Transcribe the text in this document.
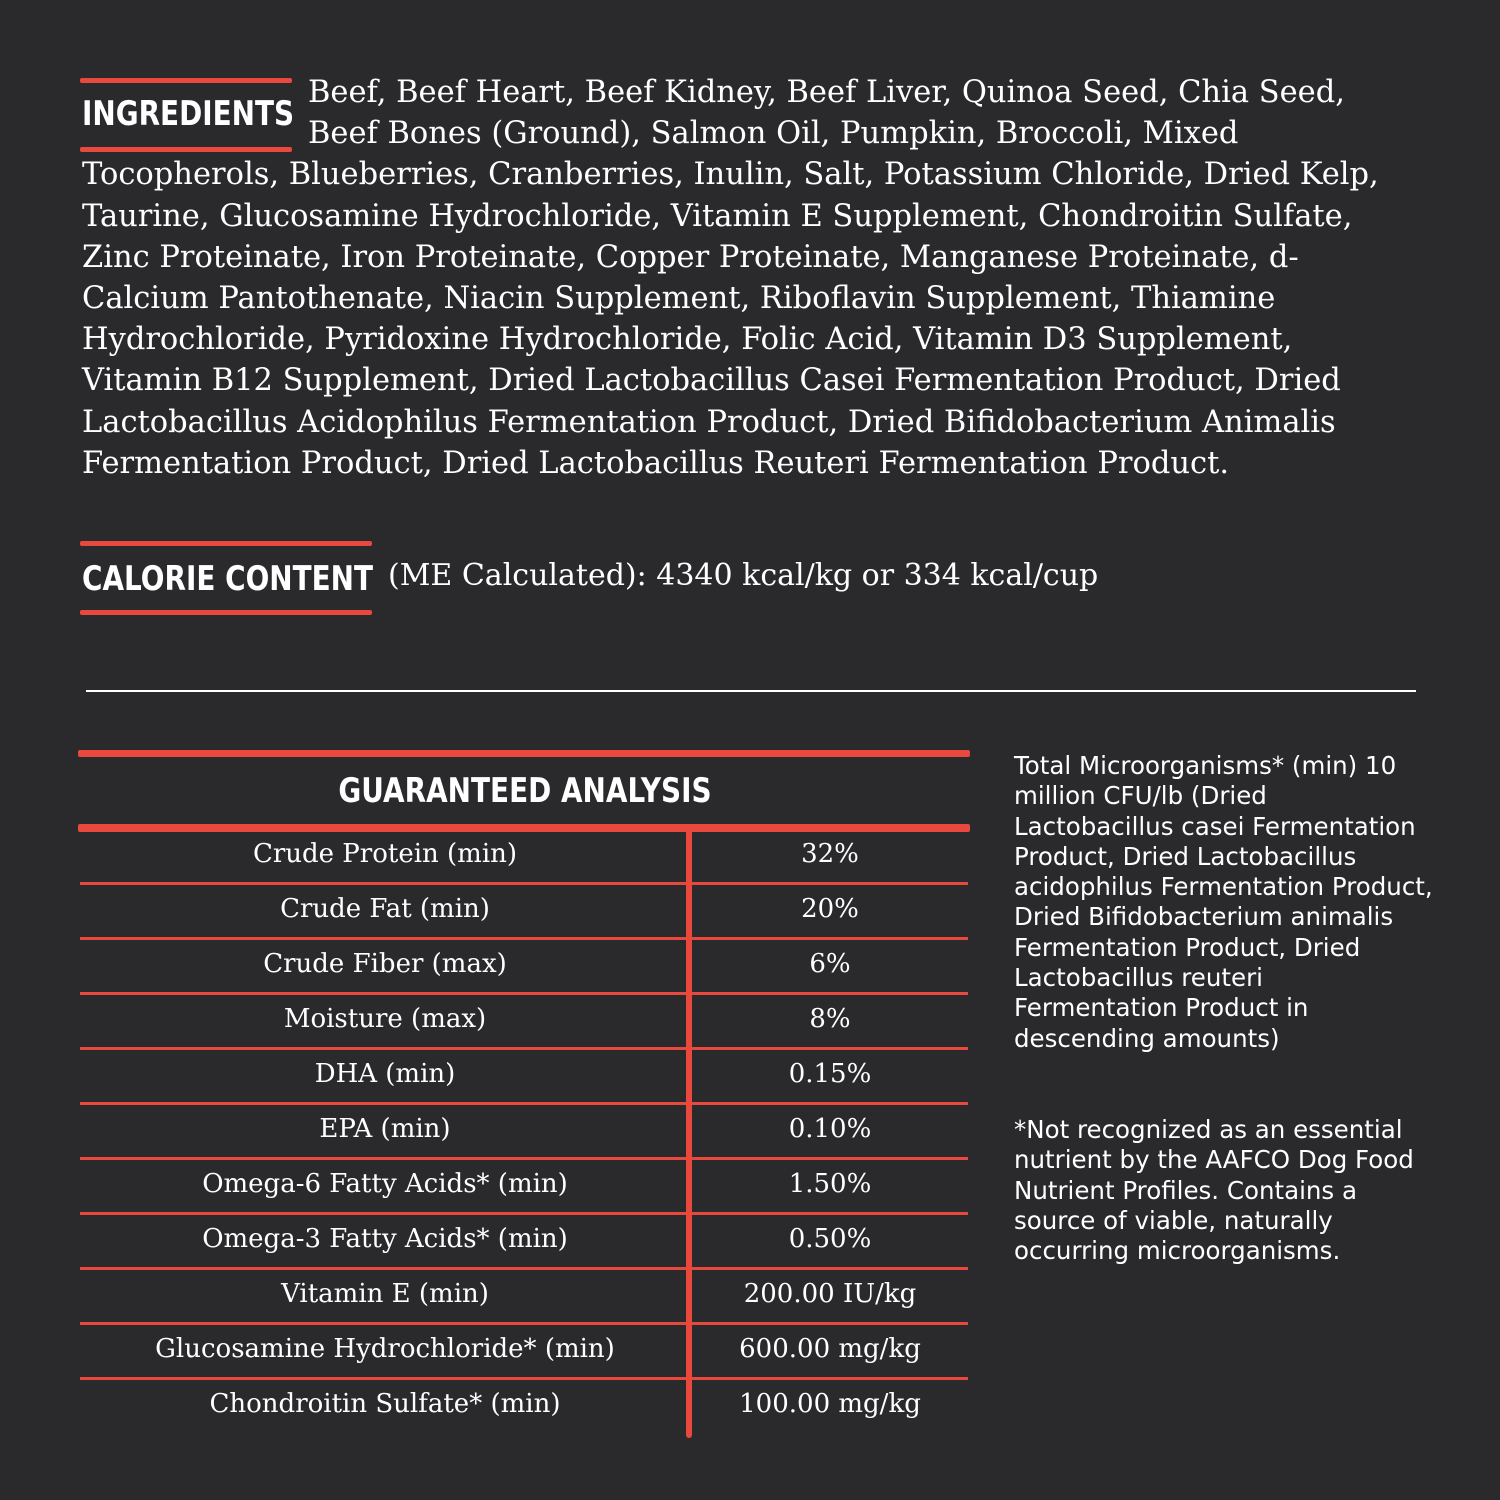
INGREDIENTS
Beef, Beef Heart, Beef Kidney, Beef Liver, Quinoa Seed, Chia Seed, Beef Bones (Ground), Salmon Oil, Pumpkin, Broccoli, Mixed Tocopherols, Blueberries, Cranberries, Inulin, Salt, Potassium Chloride, Dried Kelp, Taurine, Glucosamine Hydrochloride, Vitamin E Supplement, Chondroitin Sulfate, Zinc Proteinate, Iron Proteinate, Copper Proteinate, Manganese Proteinate, d-Calcium Pantothenate, Niacin Supplement, Riboflavin Supplement, Thiamine Hydrochloride, Pyridoxine Hydrochloride, Folic Acid, Vitamin D3 Supplement, Vitamin B12 Supplement, Dried Lactobacillus Casei Fermentation Product, Dried Lactobacillus Acidophilus Fermentation Product, Dried Bifidobacterium Animalis Fermentation Product, Dried Lactobacillus Reuteri Fermentation Product.
CALORIE CONTENT (ME Calculated): 4340 kcal/kg or 334 kcal/cup
GUARANTEED ANALYSIS
Crude Protein (min)	32%
Crude Fat (min)	20%
Crude Fiber (max)	6%
Moisture (max)	8%
DHA (min)	0.15%
EPA (min)	0.10%
Omega-6 Fatty Acids* (min)	1.50%
Omega-3 Fatty Acids* (min)	0.50%
Vitamin E (min)	200.00 IU/kg
Glucosamine Hydrochloride* (min)	600.00 mg/kg
Chondroitin Sulfate* (min)	100.00 mg/kg
Total Microorganisms* (min) 10 million CFU/lb (Dried Lactobacillus casei Fermentation Product, Dried Lactobacillus acidophilus Fermentation Product, Dried Bifidobacterium animalis Fermentation Product, Dried Lactobacillus reuteri Fermentation Product in descending amounts)
*Not recognized as an essential nutrient by the AAFCO Dog Food Nutrient Profiles. Contains a source of viable, naturally occurring microorganisms.
